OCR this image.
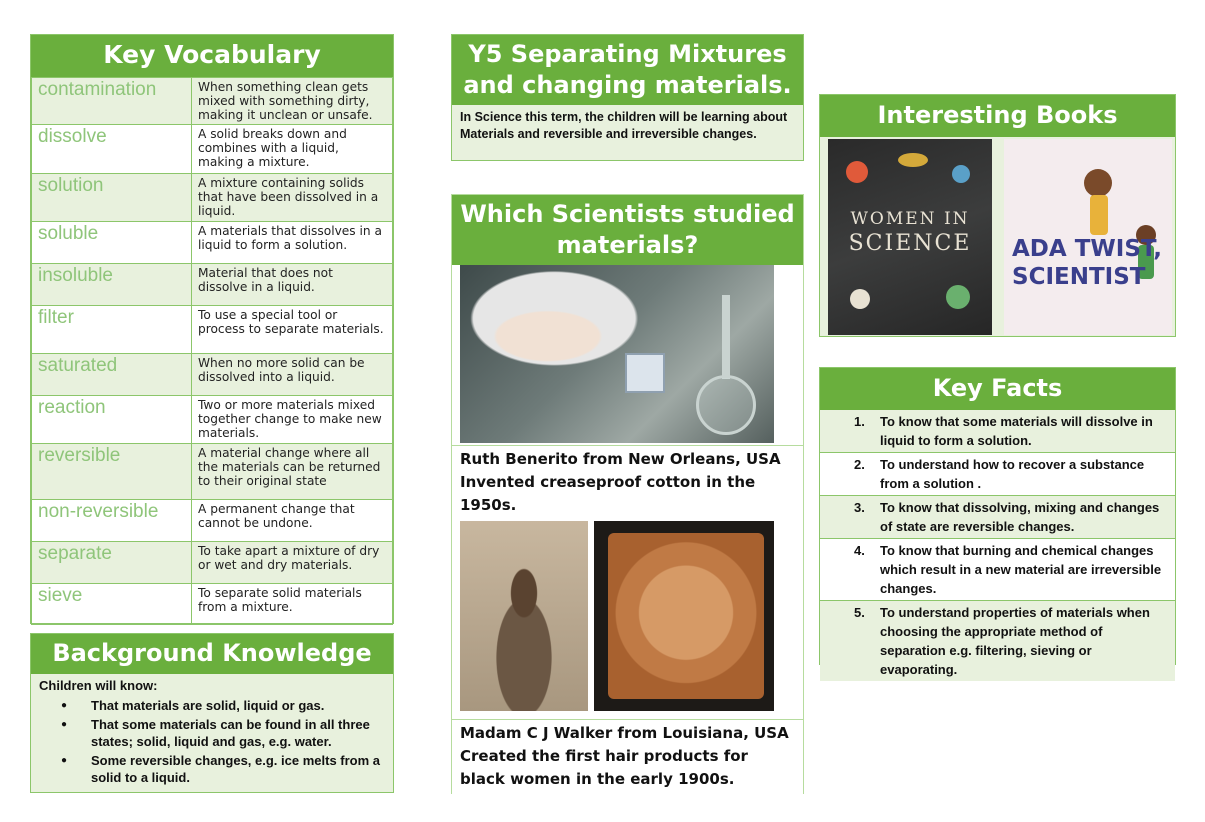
Key Vocabulary
contamination	When something clean gets mixed with something dirty, making it unclean or unsafe.
dissolve	A solid breaks down and combines with a liquid, making a mixture.
solution	A mixture containing solids that have been dissolved in a liquid.
soluble	A materials that dissolves in a liquid to form a solution.
insoluble	Material that does not dissolve in a liquid.
filter	To use a special tool or process to separate materials.
saturated	When no more solid can be dissolved into a liquid.
reaction	Two or more materials mixed together change to make new materials.
reversible	A material change where all the materials can be returned to their original state
non-reversible	A permanent change that cannot be undone.
separate	To take apart a mixture of dry or wet and dry materials.
sieve	To separate solid materials from a mixture.
Background Knowledge
Children will know:
● That materials are solid, liquid or gas.
● That some materials can be found in all three states; solid, liquid and gas, e.g. water.
● Some reversible changes, e.g. ice melts from a solid to a liquid.
Y5 Separating Mixtures and changing materials.
In Science this term, the children will be learning about Materials and reversible and irreversible changes.
Which Scientists studied materials?
Ruth Benerito from New Orleans, USA Invented creaseproof cotton in the 1950s.
Madam C J Walker from Louisiana, USA Created the first hair products for black women in the early 1900s.
Interesting Books
WOMEN IN
SCIENCE	ADA TWIST, SCIENTIST
Key Facts
1. To know that some materials will dissolve in liquid to form a solution.
2. To understand how to recover a substance from a solution .
3. To know that dissolving, mixing and changes of state are reversible changes.
4. To know that burning and chemical changes which result in a new material are irreversible changes.
5. To understand properties of materials when choosing the appropriate method of separation e.g. filtering, sieving or evaporating.
